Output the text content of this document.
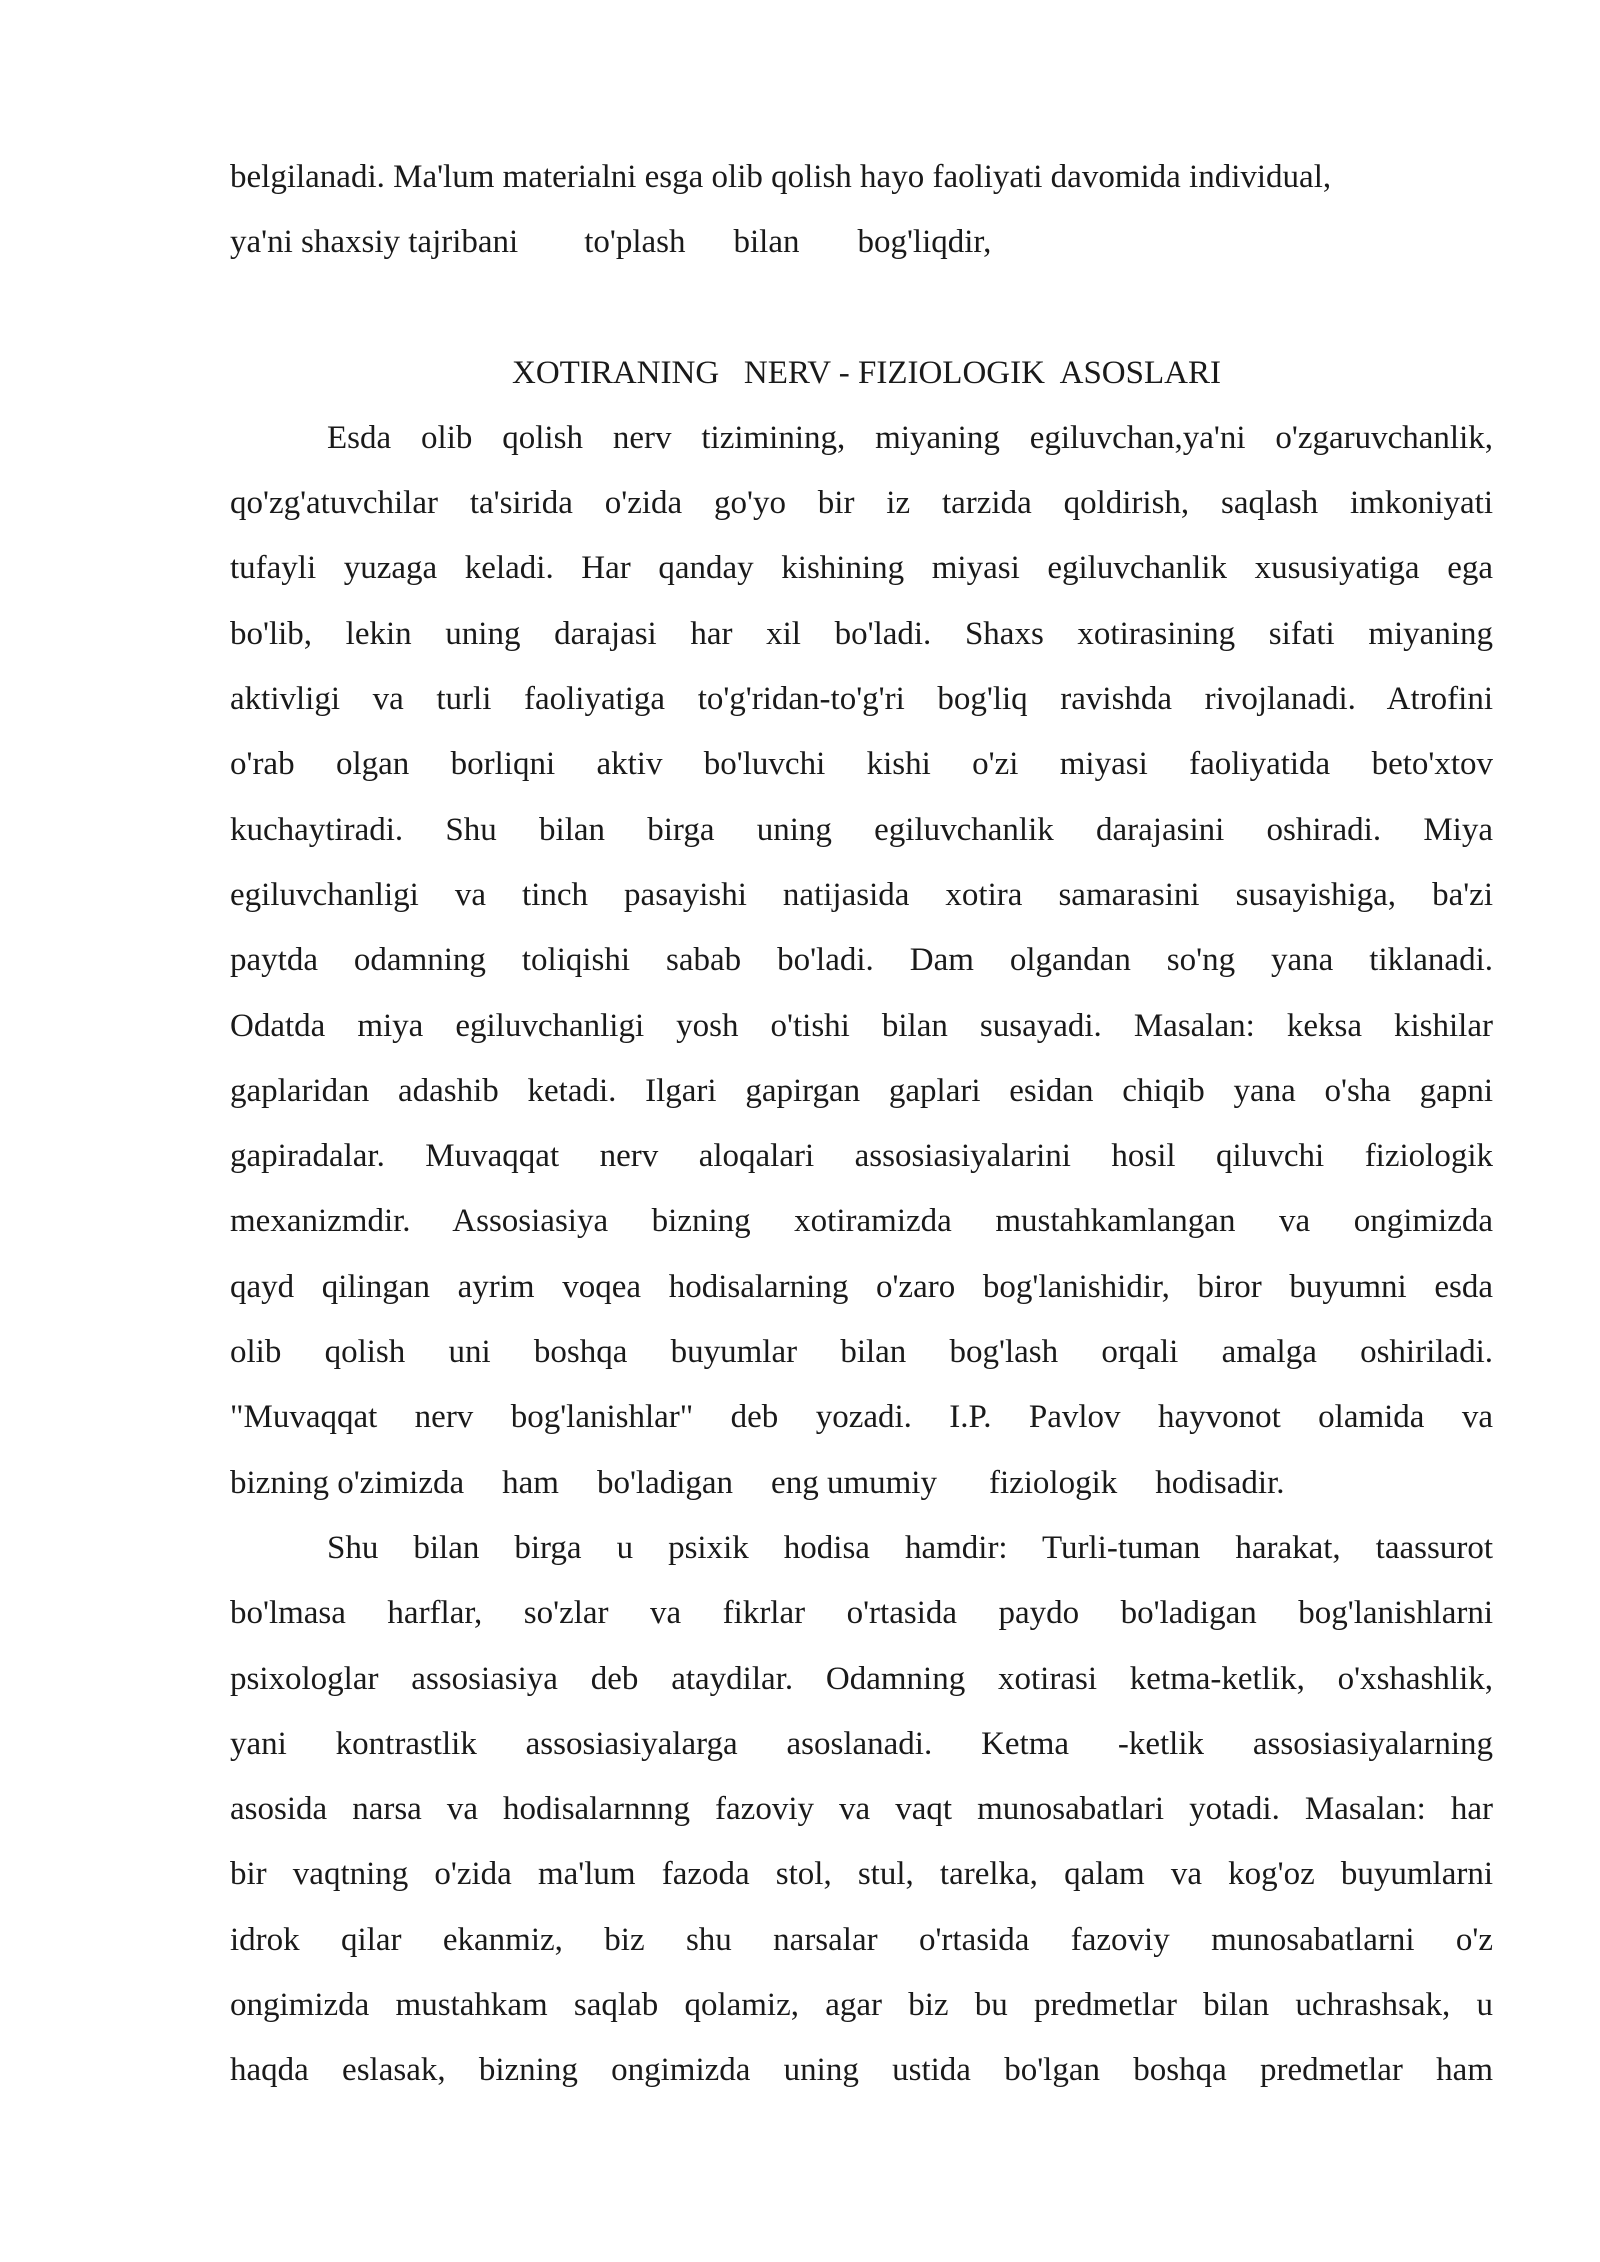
belgilanadi. Ma'lum materialni esga olib qolish hayo faoliyati davomida individual,
ya'ni shaxsiy tajribani to'plash bilan bog'liqdir,
XOTIRANING   NERV - FIZIOLOGIK  ASOSLARI
Esda olib qolish nerv tizimining, miyaning egiluvchan,ya'ni o'zgaruvchanlik,
qo'zg'atuvchilar ta'sirida o'zida go'yo bir iz tarzida qoldirish, saqlash imkoniyati
tufayli yuzaga keladi. Har qanday kishining miyasi egiluvchanlik xususiyatiga ega
bo'lib, lekin uning darajasi har xil bo'ladi. Shaxs xotirasining sifati miyaning
aktivligi va turli faoliyatiga to'g'ridan-to'g'ri bog'liq ravishda rivojlanadi. Atrofini
o'rab olgan borliqni aktiv bo'luvchi kishi o'zi miyasi faoliyatida beto'xtov
kuchaytiradi. Shu bilan birga uning egiluvchanlik darajasini oshiradi. Miya
egiluvchanligi va tinch pasayishi natijasida xotira samarasini susayishiga, ba'zi
paytda odamning toliqishi sabab bo'ladi. Dam olgandan so'ng yana tiklanadi.
Odatda miya egiluvchanligi yosh o'tishi bilan susayadi. Masalan: keksa kishilar
gaplaridan adashib ketadi. Ilgari gapirgan gaplari esidan chiqib yana o'sha gapni
gapiradalar. Muvaqqat nerv aloqalari assosiasiyalarini hosil qiluvchi fiziologik
mexanizmdir. Assosiasiya bizning xotiramizda mustahkamlangan va ongimizda
qayd qilingan ayrim voqea hodisalarning o'zaro bog'lanishidir, biror buyumni esda
olib qolish uni boshqa buyumlar bilan bog'lash orqali amalga oshiriladi.
"Muvaqqat nerv bog'lanishlar" deb yozadi. I.P. Pavlov hayvonot olamida va
bizning o'zimizda ham bo'ladigan eng umumiy fiziologik hodisadir.
Shu bilan birga u psixik hodisa hamdir: Turli-tuman harakat, taassurot
bo'lmasa harflar, so'zlar va fikrlar o'rtasida paydo bo'ladigan bog'lanishlarni
psixologlar assosiasiya deb ataydilar. Odamning xotirasi ketma-ketlik, o'xshashlik,
yani kontrastlik assosiasiyalarga asoslanadi. Ketma -ketlik assosiasiyalarning
asosida narsa va hodisalarnnng fazoviy va vaqt munosabatlari yotadi. Masalan: har
bir vaqtning o'zida ma'lum fazoda stol, stul, tarelka, qalam va kog'oz buyumlarni
idrok qilar ekanmiz, biz shu narsalar o'rtasida fazoviy munosabatlarni o'z
ongimizda mustahkam saqlab qolamiz, agar biz bu predmetlar bilan uchrashsak, u
haqda eslasak, bizning ongimizda uning ustida bo'lgan boshqa predmetlar ham
